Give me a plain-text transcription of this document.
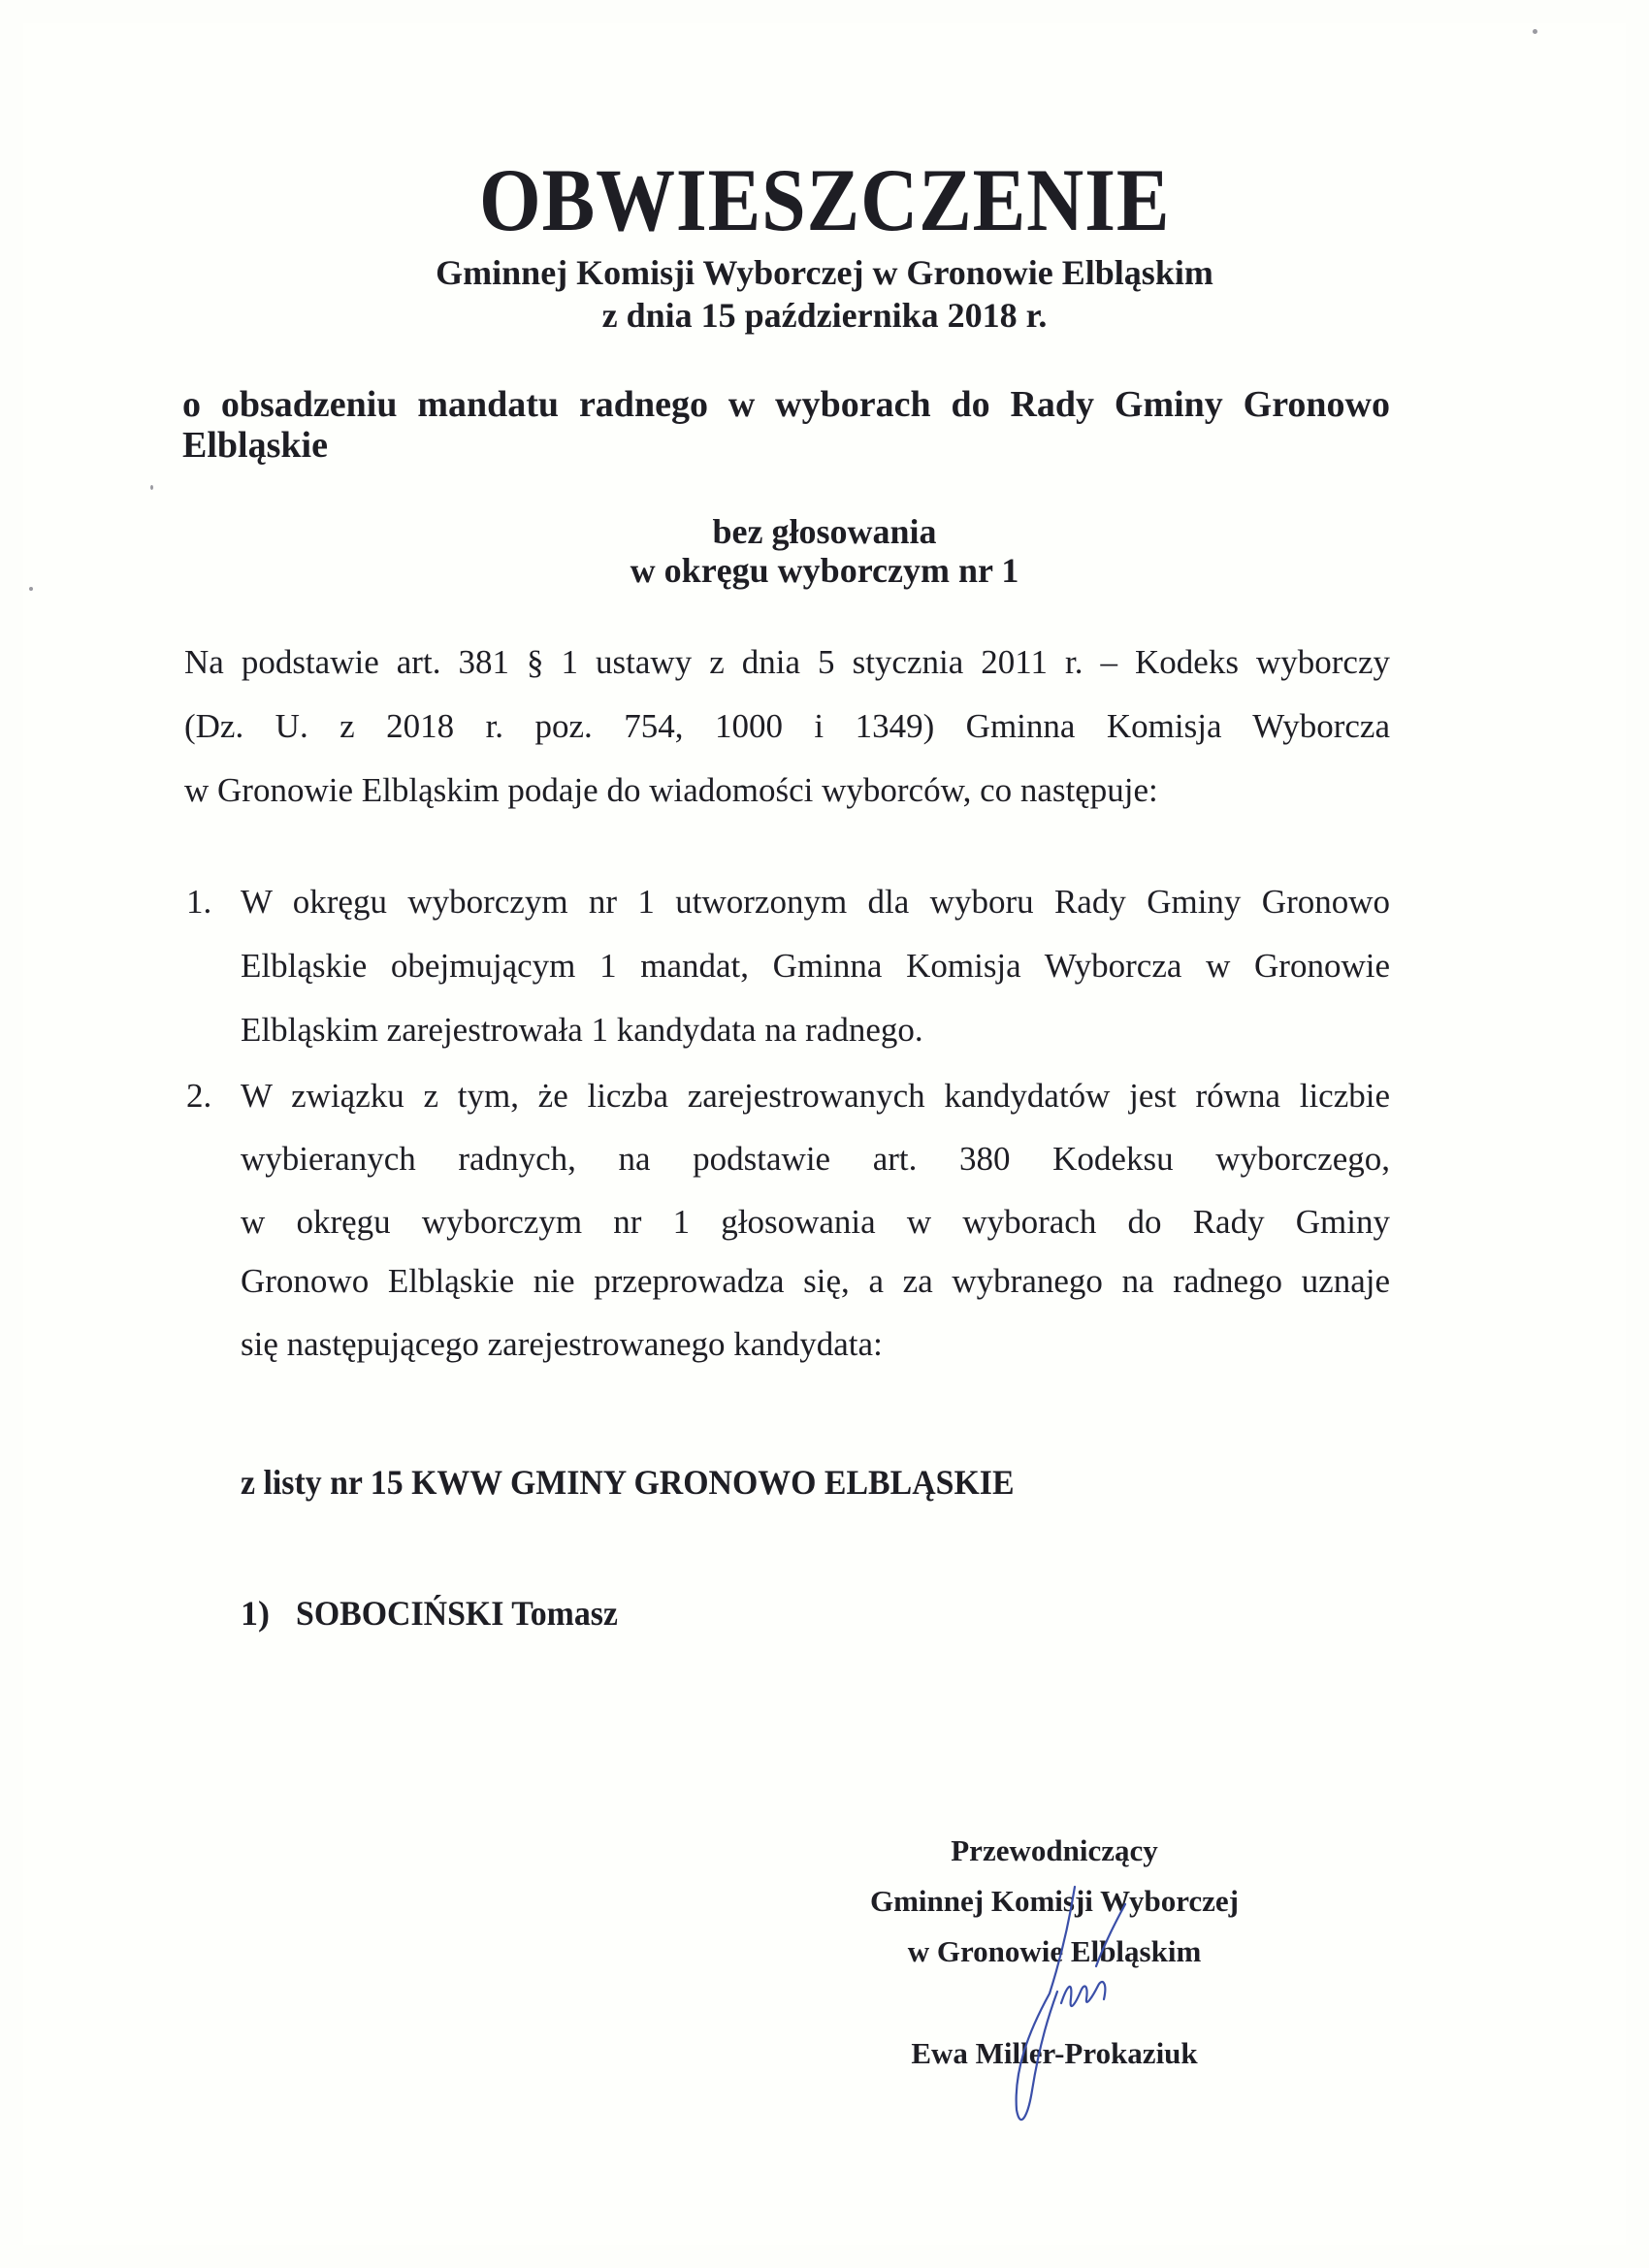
OBWIESZCZENIE
Gminnej Komisji Wyborczej w Gronowie Elbląskim
z dnia 15 października 2018 r.
o obsadzeniu mandatu radnego w wyborach do Rady Gminy Gronowo
Elbląskie
bez głosowania
w okręgu wyborczym nr 1
Na podstawie art. 381 § 1 ustawy z dnia 5 stycznia 2011 r. – Kodeks wyborczy
(Dz. U. z 2018 r. poz. 754, 1000 i 1349) Gminna Komisja Wyborcza
w Gronowie Elbląskim podaje do wiadomości wyborców, co następuje:
1. W okręgu wyborczym nr 1 utworzonym dla wyboru Rady Gminy Gronowo
Elbląskie obejmującym 1 mandat, Gminna Komisja Wyborcza w Gronowie
Elbląskim zarejestrowała 1 kandydata na radnego.
2. W związku z tym, że liczba zarejestrowanych kandydatów jest równa liczbie
wybieranych radnych, na podstawie art. 380 Kodeksu wyborczego,
w okręgu wyborczym nr 1 głosowania w wyborach do Rady Gminy
Gronowo Elbląskie nie przeprowadza się, a za wybranego na radnego uznaje
się następującego zarejestrowanego kandydata:
z listy nr 15 KWW GMINY GRONOWO ELBLĄSKIE
1) SOBOCIŃSKI Tomasz
Przewodniczący
Gminnej Komisji Wyborczej
w Gronowie Elbląskim
Ewa Miller-Prokaziuk
